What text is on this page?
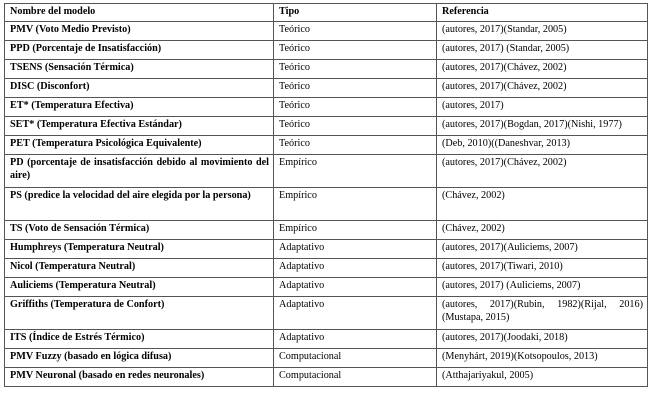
Nombre del modelo	Tipo	Referencia
PMV (Voto Medio Previsto)	Teórico	(autores, 2017)(Standar, 2005)
PPD (Porcentaje de Insatisfacción)	Teórico	(autores, 2017) (Standar, 2005)
TSENS (Sensación Térmica)	Teórico	(autores, 2017)(Chávez, 2002)
DISC (Disconfort)	Teórico	(autores, 2017)(Chávez, 2002)
ET* (Temperatura Efectiva)	Teórico	(autores, 2017)
SET* (Temperatura Efectiva Estándar)	Teórico	(autores, 2017)(Bogdan, 2017)(Nishi, 1977)
PET (Temperatura Psicológica Equivalente)	Teórico	(Deb, 2010)((Daneshvar, 2013)
PD (porcentaje de insatisfacción debido al movimiento del aire)	Empírico	(autores, 2017)(Chávez, 2002)
PS (predice la velocidad del aire elegida por la persona)	Empírico	(Chávez, 2002)
TS (Voto de Sensación Térmica)	Empírico	(Chávez, 2002)
Humphreys (Temperatura Neutral)	Adaptativo	(autores, 2017)(Auliciems, 2007)
Nicol (Temperatura Neutral)	Adaptativo	(autores, 2017)(Tiwari, 2010)
Auliciems (Temperatura Neutral)	Adaptativo	(autores, 2017) (Auliciems, 2007)
Griffiths (Temperatura de Confort)	Adaptativo	(autores, 2017)(Rubin, 1982)(Rijal, 2016)(Mustapa, 2015)
ITS (Índice de Estrés Térmico)	Adaptativo	(autores, 2017)(Joodaki, 2018)
PMV Fuzzy (basado en lógica difusa)	Computacional	(Menyhárt, 2019)(Kotsopoulos, 2013)
PMV Neuronal (basado en redes neuronales)	Computacional	(Atthajariyakul, 2005)
